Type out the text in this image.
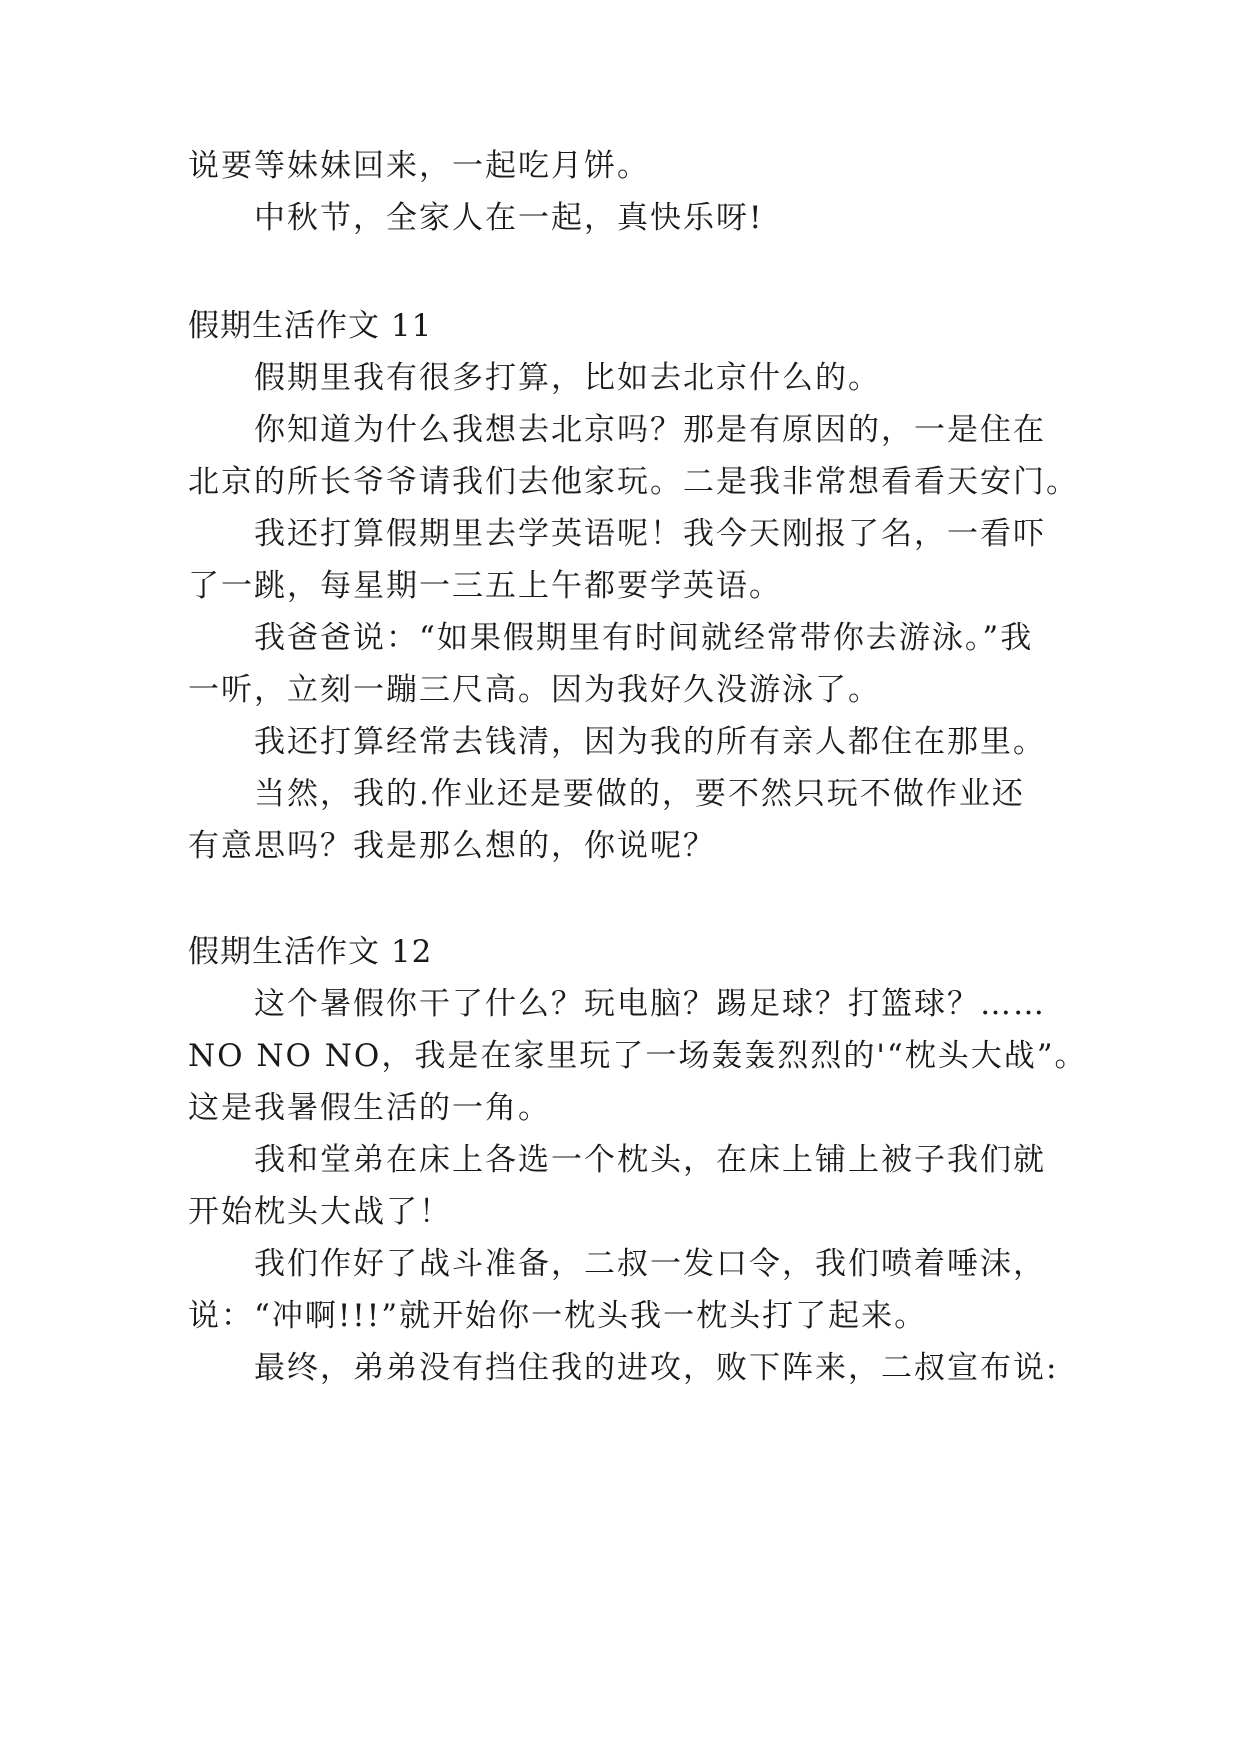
说要等妹妹回来，一起吃月饼。
中秋节，全家人在一起，真快乐呀!
假期生活作文 11
假期里我有很多打算，比如去北京什么的。
你知道为什么我想去北京吗？那是有原因的，一是住在
北京的所长爷爷请我们去他家玩。二是我非常想看看天安门。
我还打算假期里去学英语呢！我今天刚报了名，一看吓
了一跳，每星期一三五上午都要学英语。
我爸爸说：“如果假期里有时间就经常带你去游泳。”我
一听，立刻一蹦三尺高。因为我好久没游泳了。
我还打算经常去钱清，因为我的所有亲人都住在那里。
当然，我的.作业还是要做的，要不然只玩不做作业还
有意思吗？我是那么想的，你说呢？
假期生活作文 12
这个暑假你干了什么？玩电脑？踢足球？打篮球？……
NO NO NO，我是在家里玩了一场轰轰烈烈的'“枕头大战”。
这是我暑假生活的一角。
我和堂弟在床上各选一个枕头，在床上铺上被子我们就
开始枕头大战了！
我们作好了战斗准备，二叔一发口令，我们喷着唾沫，
说：“冲啊!!!”就开始你一枕头我一枕头打了起来。
最终，弟弟没有挡住我的进攻，败下阵来，二叔宣布说:
